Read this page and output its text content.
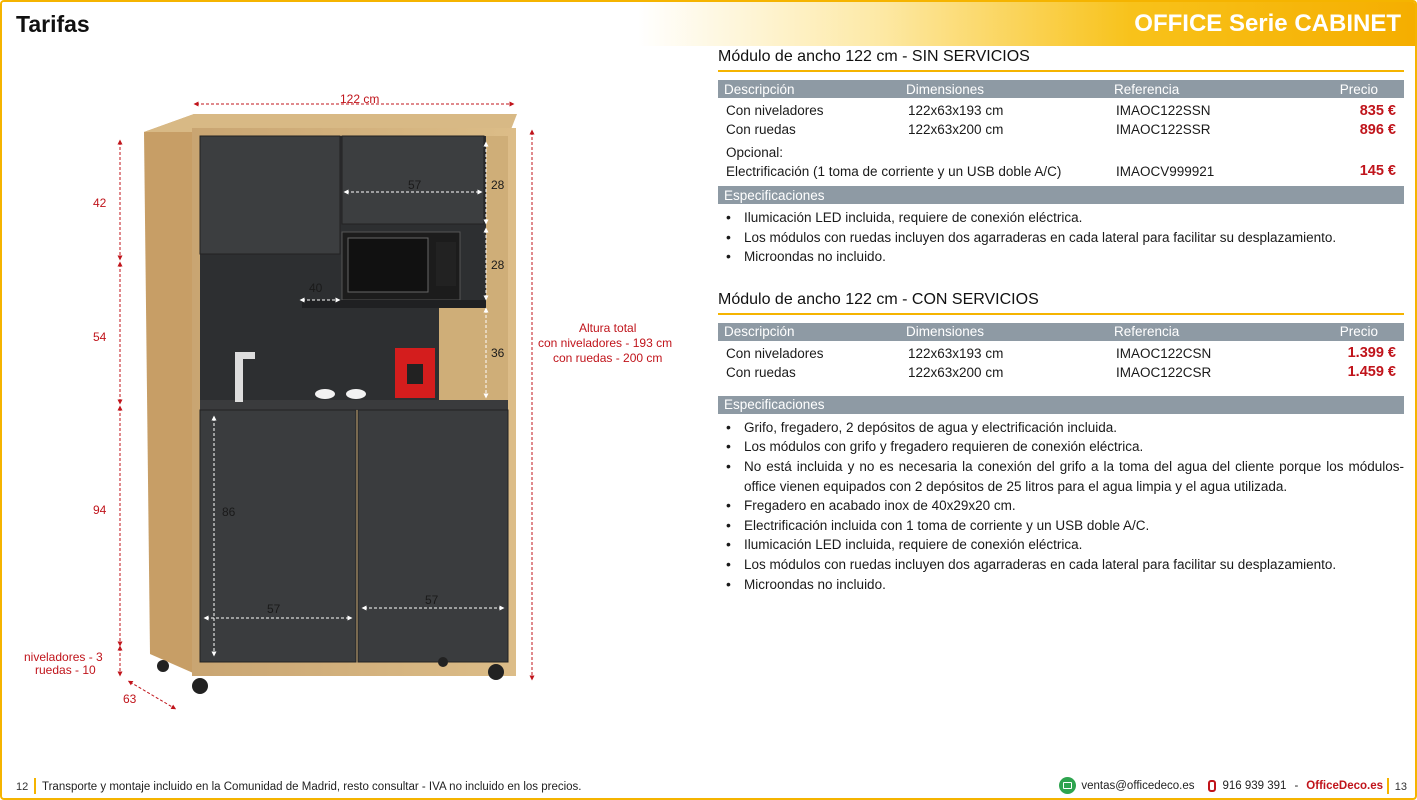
Tarifas	OFFICE Serie CABINET
122 cm
42
54
94
niveladores - 3
ruedas - 10
63
Altura total
con niveladores - 193 cm
con ruedas - 200 cm
57	28
28
40
36
86
57
57
Módulo de ancho 122 cm - SIN SERVICIOS
Descripción	Dimensiones	Referencia	Precio
Con niveladores	122x63x193 cm	IMAOC122SSN	835 €
Con ruedas	122x63x200 cm	IMAOC122SSR	896 €
Opcional:
Electrificación (1 toma de corriente y un USB doble A/C)	IMAOCV999921	145 €
Especificaciones
• Ilumicación LED incluida, requiere de conexión eléctrica.
• Los módulos con ruedas incluyen dos agarraderas en cada lateral para facilitar su desplazamiento.
• Microondas no incluido.
Módulo de ancho 122 cm - CON SERVICIOS
Descripción	Dimensiones	Referencia	Precio
Con niveladores	122x63x193 cm	IMAOC122CSN	1.399 €
Con ruedas	122x63x200 cm	IMAOC122CSR	1.459 €
Especificaciones
• Grifo, fregadero, 2 depósitos de agua y electrificación incluida.
• Los módulos con grifo y fregadero requieren de conexión eléctrica.
• No está incluida y no es necesaria la conexión del grifo a la toma del agua del cliente porque los módulos-office vienen equipados con 2 depósitos de 25 litros para el agua limpia y el agua utilizada.
• Fregadero en acabado inox de 40x29x20 cm.
• Electrificación incluida con 1 toma de corriente y un USB doble A/C.
• Ilumicación LED incluida, requiere de conexión eléctrica.
• Los módulos con ruedas incluyen dos agarraderas en cada lateral para facilitar su desplazamiento.
• Microondas no incluido.
12 Transporte y montaje incluido en la Comunidad de Madrid, resto consultar - IVA no incluido en los precios.	ventas@officedeco.es 916 939 391 - OfficeDeco.es 13
